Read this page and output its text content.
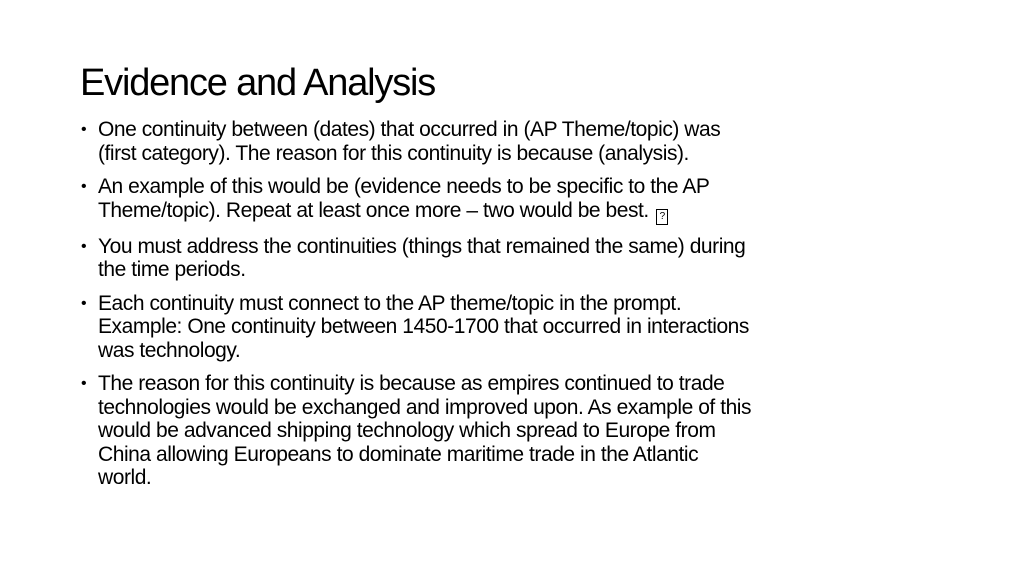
Evidence and Analysis
• One continuity between (dates) that occurred in (AP Theme/topic) was
(first category). The reason for this continuity is because (analysis).
• An example of this would be (evidence needs to be specific to the AP
Theme/topic). Repeat at least once more – two would be best. ?
• You must address the continuities (things that remained the same) during
the time periods.
• Each continuity must connect to the AP theme/topic in the prompt.
Example: One continuity between 1450-1700 that occurred in interactions
was technology.
• The reason for this continuity is because as empires continued to trade
technologies would be exchanged and improved upon. As example of this
would be advanced shipping technology which spread to Europe from
China allowing Europeans to dominate maritime trade in the Atlantic
world.
